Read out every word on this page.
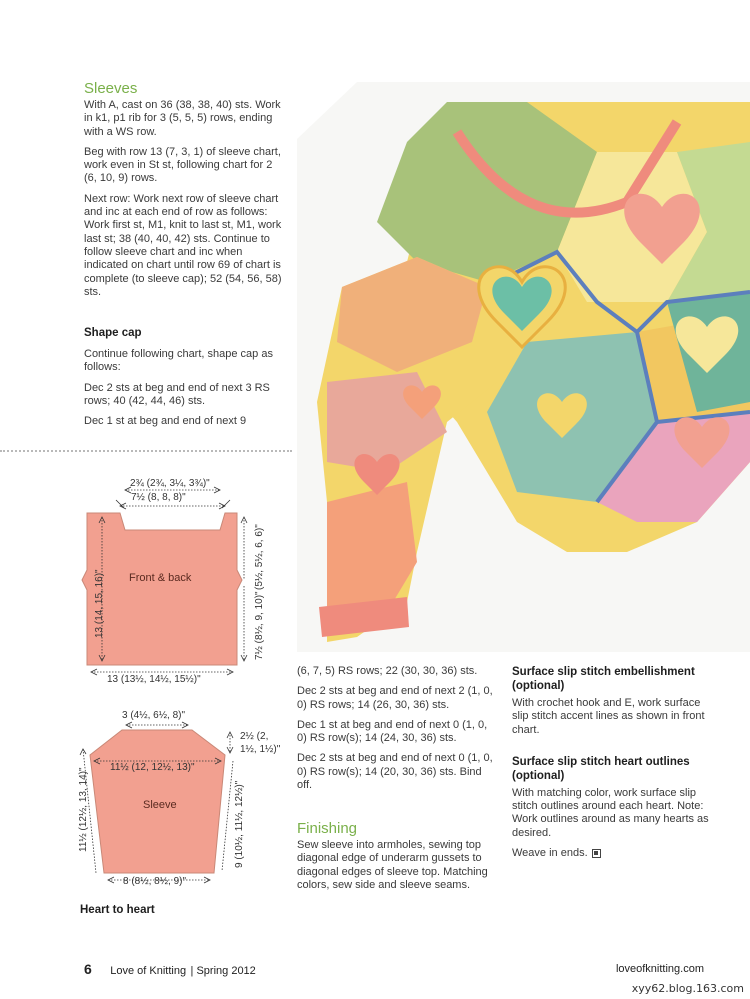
Sleeves

With A, cast on 36 (38, 38, 40) sts. Work in k1, p1 rib for 3 (5, 5, 5) rows, ending with a WS row.

Beg with row 13 (7, 3, 1) of sleeve chart, work even in St st, following chart for 2 (6, 10, 9) rows.

Next row: Work next row of sleeve chart and inc at each end of row as follows: Work first st, M1, knit to last st, M1, work last st; 38 (40, 40, 42) sts. Continue to follow sleeve chart and inc when indicated on chart until row 69 of chart is complete (to sleeve cap); 52 (54, 56, 58) sts.

Shape cap

Continue following chart, shape cap as follows:

Dec 2 sts at beg and end of next 3 RS rows; 40 (42, 44, 46) sts.

Dec 1 st at beg and end of next 9

2¾ (2¾, 3¼, 3¾)"
7½ (8, 8, 8)"
Front & back
13 (14, 15, 16)"
(5½, 5½, 6, 6)"
7½ (8½, 9, 10)"
13 (13½, 14½, 15½)"
3 (4½, 6½, 8)"
2½ (2,
1½, 1½)"
11½ (12, 12½, 13)"
Sleeve
11½ (12½, 13, 14)"	9 (10½, 11½, 12½)"
8 (8½, 8½, 9)"
Heart to heart

(6, 7, 5) RS rows; 22 (30, 30, 36) sts.

Dec 2 sts at beg and end of next 2 (1, 0, 0) RS rows; 14 (26, 30, 36) sts.

Dec 1 st at beg and end of next 0 (1, 0, 0) RS row(s); 14 (24, 30, 36) sts.

Dec 2 sts at beg and end of next 0 (1, 0, 0) RS row(s); 14 (20, 30, 36) sts. Bind off.

Finishing

Sew sleeve into armholes, sewing top diagonal edge of underarm gussets to diagonal edges of sleeve top. Matching colors, sew side and sleeve seams.

Surface slip stitch embellishment (optional)

With crochet hook and E, work surface slip stitch accent lines as shown in front chart.

Surface slip stitch heart outlines (optional)

With matching color, work surface slip stitch outlines around each heart. Note: Work outlines around as many hearts as desired.

Weave in ends.

6 Love of Knitting | Spring 2012	loveofknitting.com
xyy62.blog.163.com
